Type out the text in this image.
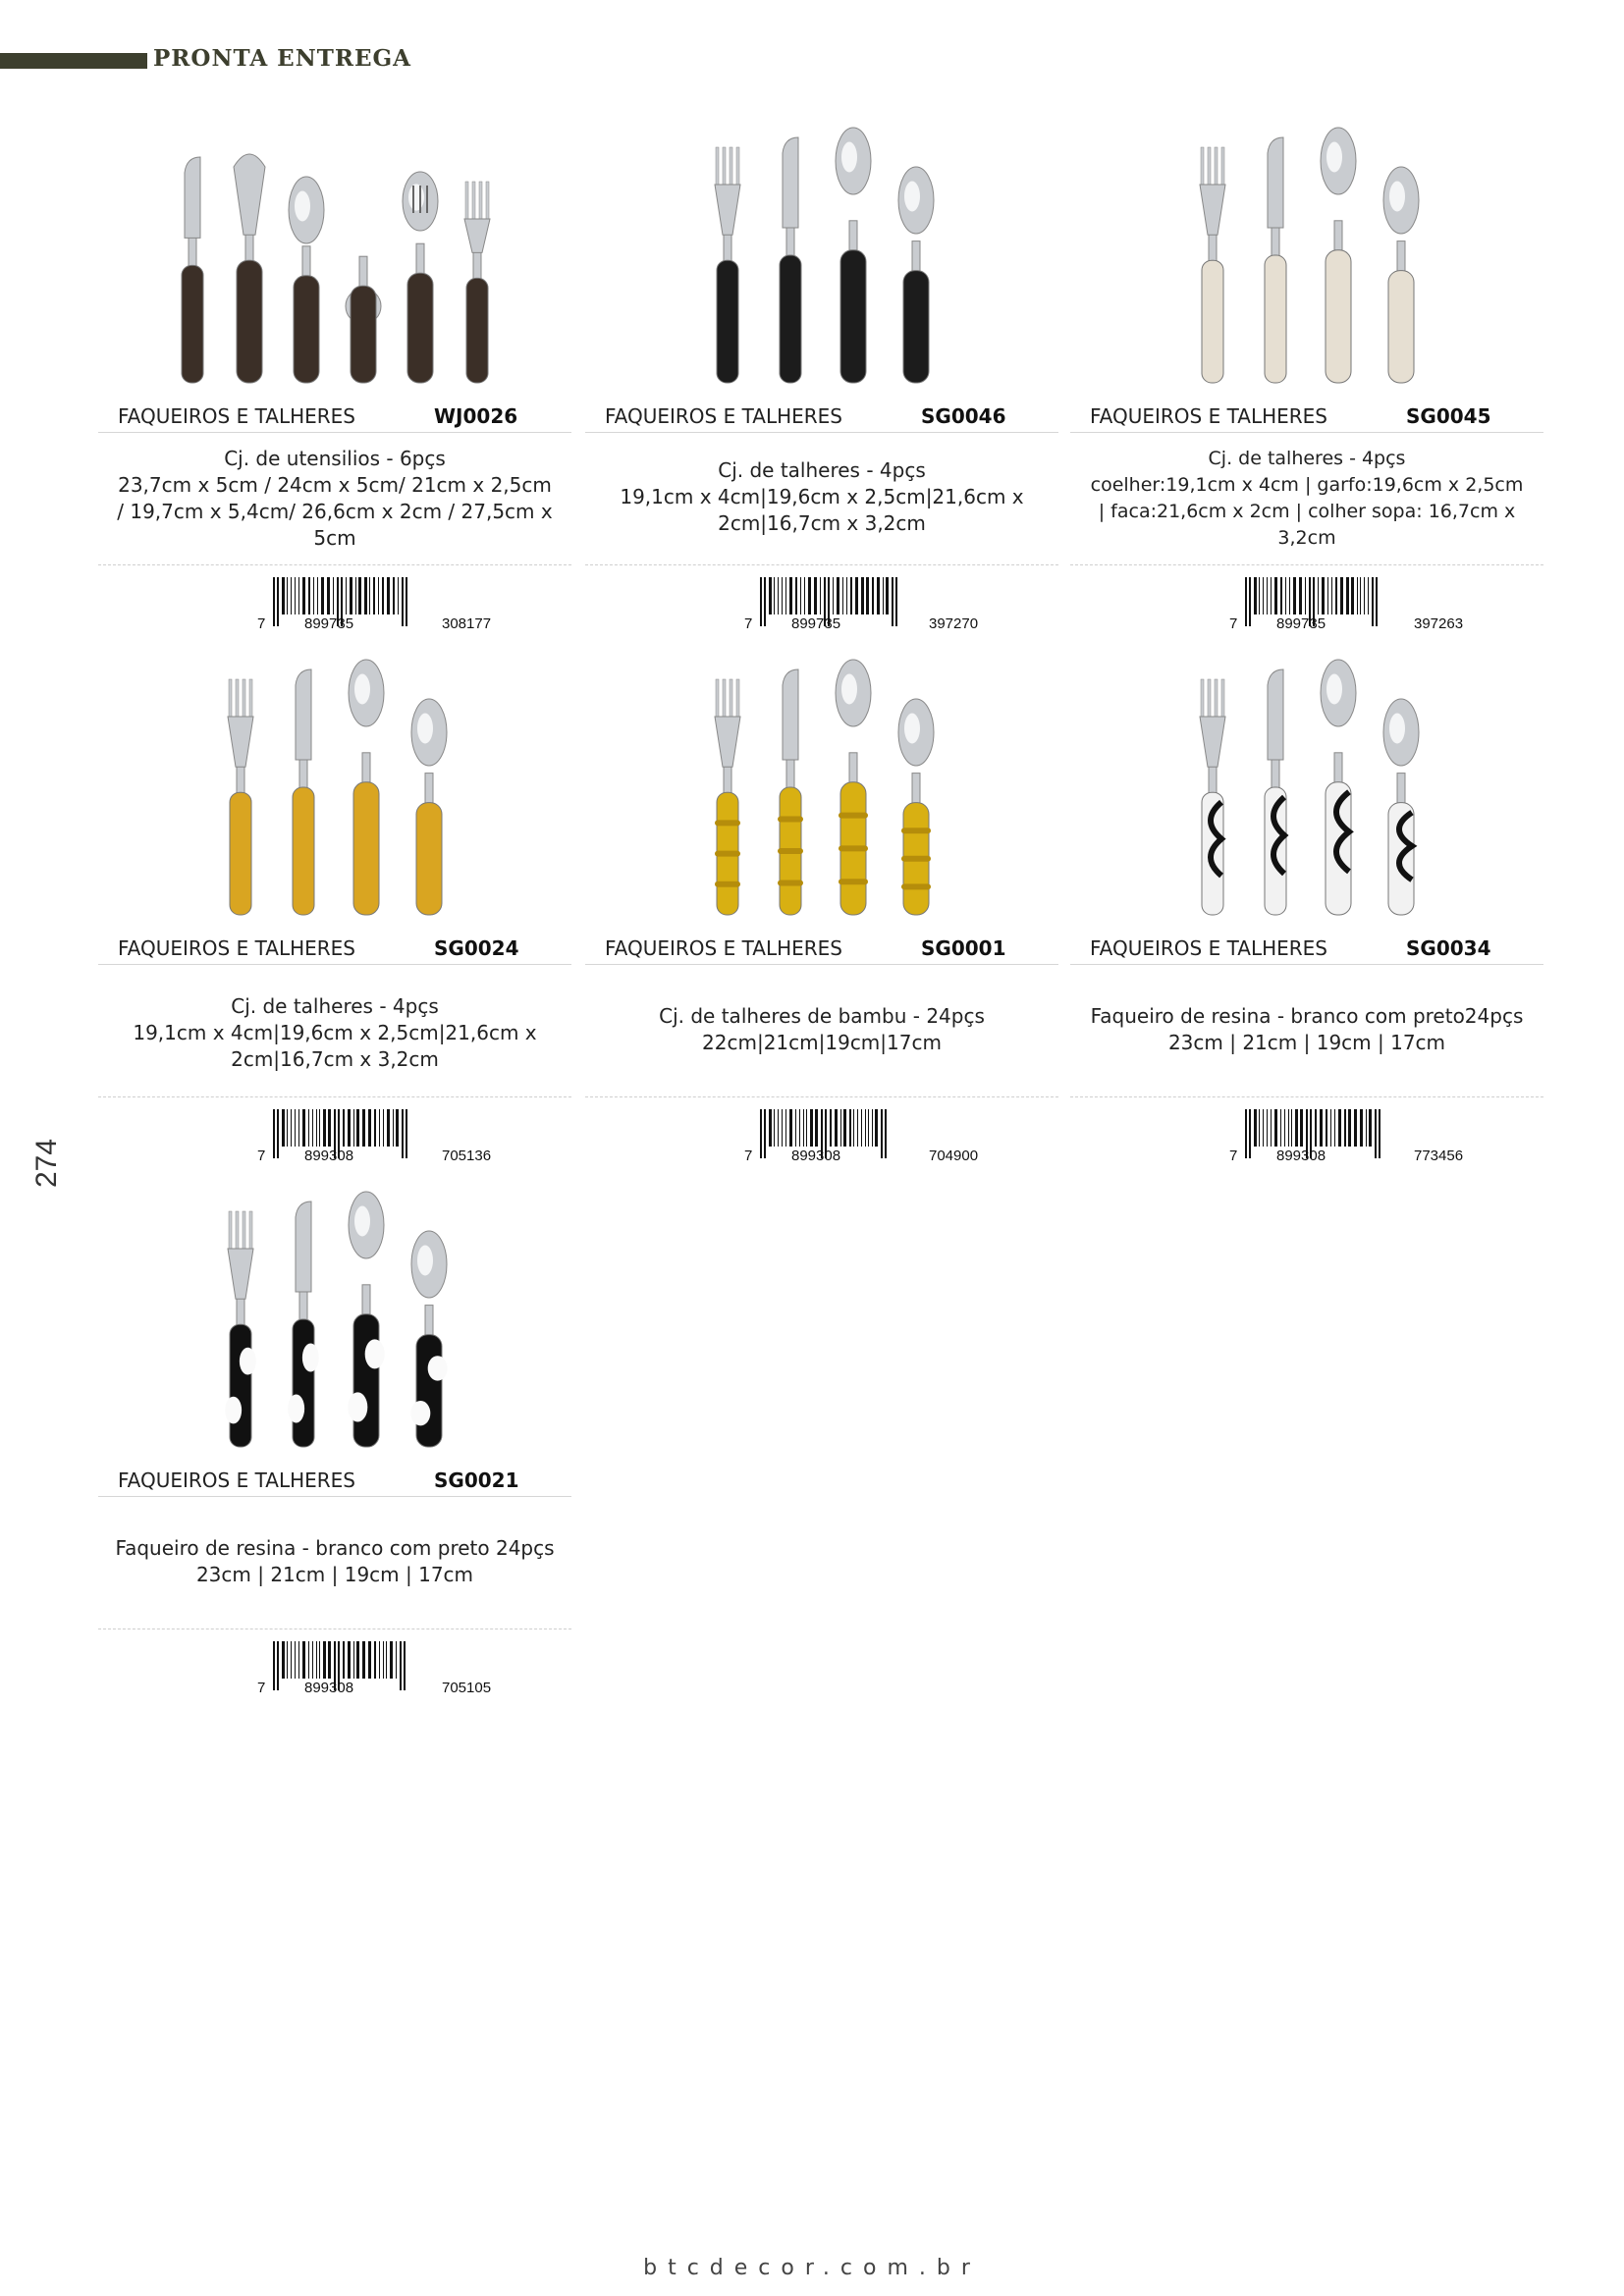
PRONTA ENTREGA
274
FAQUEIROS E TALHERES	WJ0026
Cj. de utensilios - 6pçs
23,7cm x 5cm / 24cm x 5cm/ 21cm x 2,5cm
/ 19,7cm x 5,4cm/ 26,6cm x 2cm / 27,5cm x
5cm
7	899735	308177
FAQUEIROS E TALHERES	SG0046
Cj. de talheres - 4pçs
19,1cm x 4cm|19,6cm x 2,5cm|21,6cm x
2cm|16,7cm x 3,2cm
7	899735	397270
FAQUEIROS E TALHERES	SG0045
Cj. de talheres - 4pçs
coelher:19,1cm x 4cm | garfo:19,6cm x 2,5cm
| faca:21,6cm x 2cm | colher sopa: 16,7cm x
3,2cm
7	899735	397263
FAQUEIROS E TALHERES	SG0024
Cj. de talheres - 4pçs
19,1cm x 4cm|19,6cm x 2,5cm|21,6cm x
2cm|16,7cm x 3,2cm
7	899308	705136
FAQUEIROS E TALHERES	SG0001
Cj. de talheres de bambu - 24pçs
22cm|21cm|19cm|17cm
7	899308	704900
FAQUEIROS E TALHERES	SG0034
Faqueiro de resina - branco com preto24pçs
23cm | 21cm | 19cm | 17cm
7	899308	773456
FAQUEIROS E TALHERES	SG0021
Faqueiro de resina - branco com preto 24pçs
23cm | 21cm | 19cm | 17cm
7	899308	705105
btcdecor.com.br
